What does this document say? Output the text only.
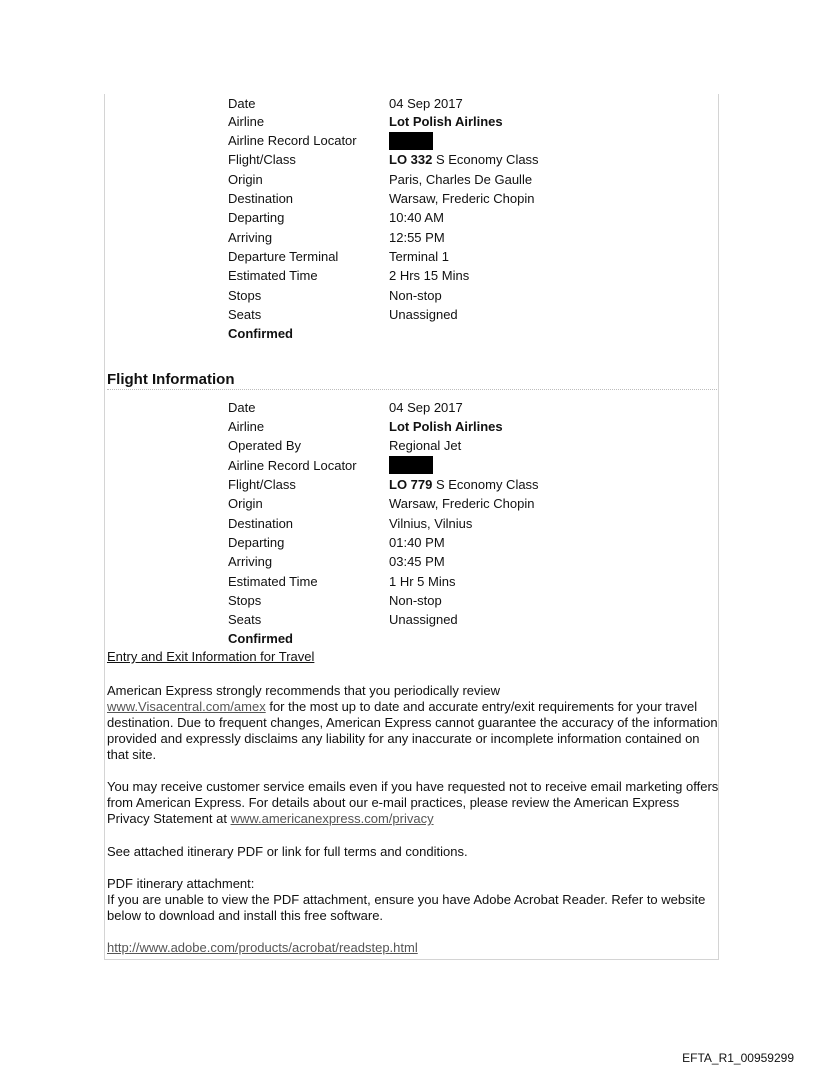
Date	04 Sep 2017
Airline	Lot Polish Airlines
Airline Record Locator
Flight/Class	LO 332 S Economy Class
Origin	Paris, Charles De Gaulle
Destination	Warsaw, Frederic Chopin
Departing	10:40 AM
Arriving	12:55 PM
Departure Terminal	Terminal 1
Estimated Time	2 Hrs 15 Mins
Stops	Non-stop
Seats	Unassigned
Confirmed
Flight Information
Date	04 Sep 2017
Airline	Lot Polish Airlines
Operated By	Regional Jet
Airline Record Locator
Flight/Class	LO 779 S Economy Class
Origin	Warsaw, Frederic Chopin
Destination	Vilnius, Vilnius
Departing	01:40 PM
Arriving	03:45 PM
Estimated Time	1 Hr 5 Mins
Stops	Non-stop
Seats	Unassigned
Confirmed
Entry and Exit Information for Travel
American Express strongly recommends that you periodically review
www.Visacentral.com/amex for the most up to date and accurate entry/exit requirements for your travel destination. Due to frequent changes, American Express cannot guarantee the accuracy of the information provided and expressly disclaims any liability for any inaccurate or incomplete information contained on that site.
You may receive customer service emails even if you have requested not to receive email marketing offers from American Express. For details about our e-mail practices, please review the American Express Privacy Statement at www.americanexpress.com/privacy
See attached itinerary PDF or link for full terms and conditions.
PDF itinerary attachment:
If you are unable to view the PDF attachment, ensure you have Adobe Acrobat Reader. Refer to website below to download and install this free software.
http://www.adobe.com/products/acrobat/readstep.html
EFTA_R1_00959299
